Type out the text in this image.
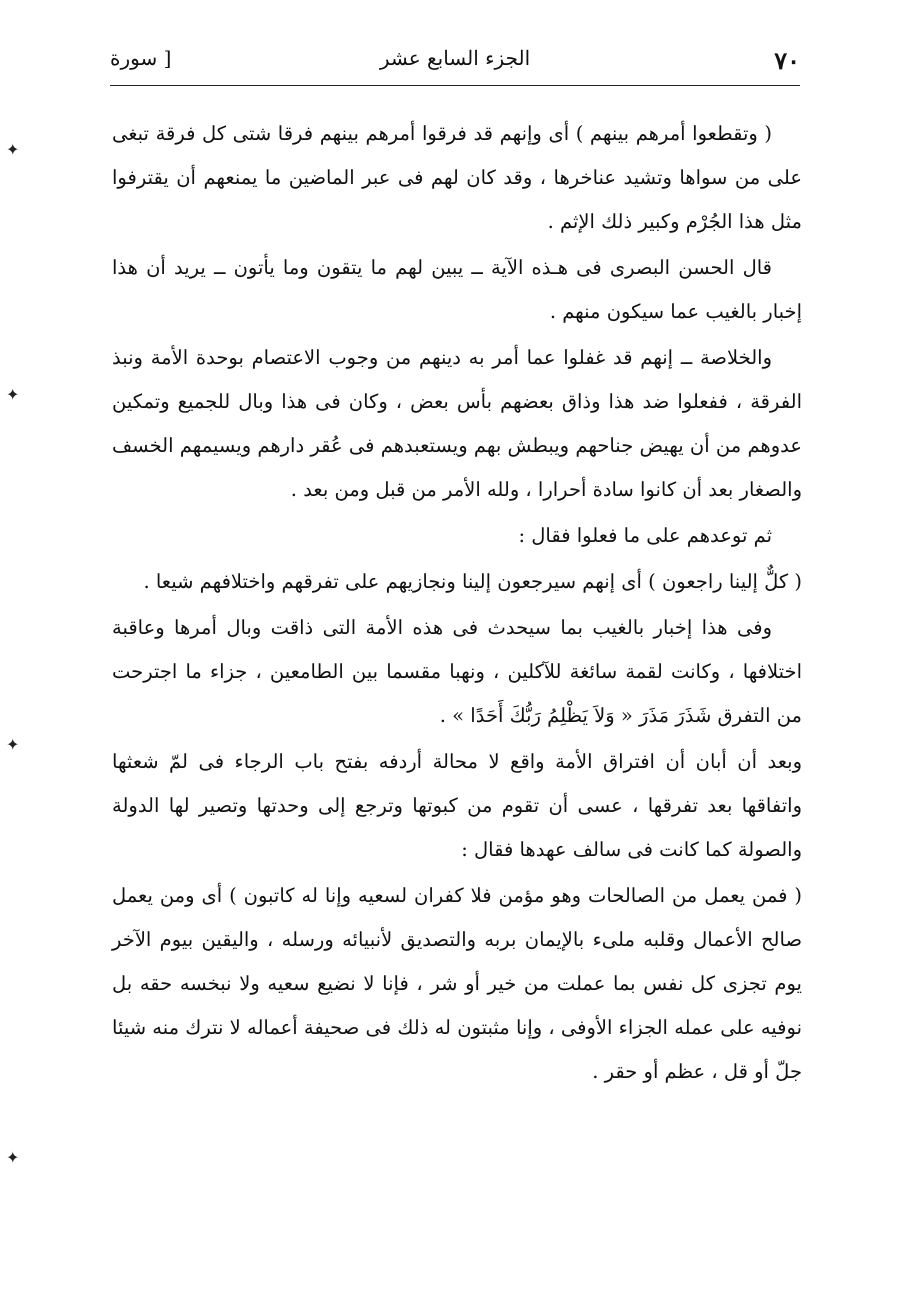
٧٠
الجزء السابع عشر
[ سورة

( وتقطعوا أمرهم بينهم ) أى وإنهم قد فرقوا أمرهم بينهم فرقا شتى كل فرقة تبغى على من سواها وتشيد عناخرها ، وقد كان لهم فى عبر الماضين ما يمنعهم أن يقترفوا مثل هذا الجُرْم وكبير ذلك الإثم .

قال الحسن البصرى فى هـذه الآية ــ يبين لهم ما يتقون وما يأتون ــ يريد أن هذا إخبار بالغيب عما سيكون منهم .

والخلاصة ــ إنهم قد غفلوا عما أمر به دينهم من وجوب الاعتصام بوحدة الأمة ونبذ الفرقة ، ففعلوا ضد هذا وذاق بعضهم بأس بعض ، وكان فى هذا وبال للجميع وتمكين عدوهم من أن يهيض جناحهم ويبطش بهم ويستعبدهم فى عُقر دارهم ويسيمهم الخسف والصغار بعد أن كانوا سادة أحرارا ، ولله الأمر من قبل ومن بعد .

ثم توعدهم على ما فعلوا فقال :

( كلٌّ إلينا راجعون ) أى إنهم سيرجعون إلينا ونجازيهم على تفرقهم واختلافهم شيعا .

وفى هذا إخبار بالغيب بما سيحدث فى هذه الأمة التى ذاقت وبال أمرها وعاقبة اختلافها ، وكانت لقمة سائغة للآكلين ، ونهبا مقسما بين الطامعين ، جزاء ما اجترحت من التفرق شَذَرَ مَذَرَ « وَلاَ يَظْلِمُ رَبُّكَ أَحَدًا » .

وبعد أن أبان أن افتراق الأمة واقع لا محالة أردفه بفتح باب الرجاء فى لمّ شعثها واتفاقها بعد تفرقها ، عسى أن تقوم من كبوتها وترجع إلى وحدتها وتصير لها الدولة والصولة كما كانت فى سالف عهدها فقال :

( فمن يعمل من الصالحات وهو مؤمن فلا كفران لسعيه وإنا له كاتبون ) أى ومن يعمل صالح الأعمال وقلبه ملىء بالإيمان بربه والتصديق لأنبيائه ورسله ، واليقين بيوم الآخر يوم تجزى كل نفس بما عملت من خير أو شر ، فإنا لا نضيع سعيه ولا نبخسه حقه بل نوفيه على عمله الجزاء الأوفى ، وإنا مثبتون له ذلك فى صحيفة أعماله لا نترك منه شيئا جلّ أو قل ، عظم أو حقر .

✦
✦
✦
✦
